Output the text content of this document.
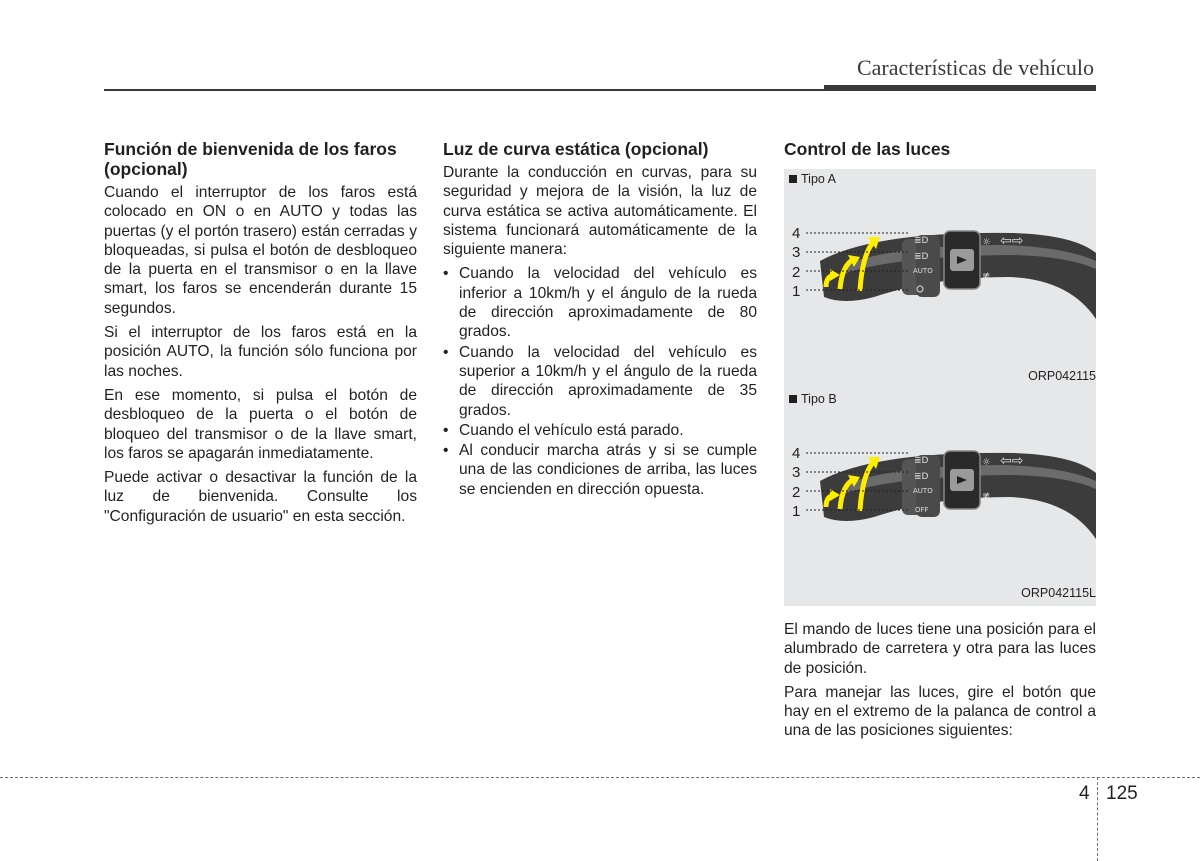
Características de vehículo
Función de bienvenida de los faros (opcional)

Cuando el interruptor de los faros está colocado en ON o en AUTO y todas las puertas (y el portón trasero) están cerradas y bloqueadas, si pulsa el botón de desbloqueo de la puerta en el transmisor o en la llave smart, los faros se encenderán durante 15 segundos.

Si el interruptor de los faros está en la posición AUTO, la función sólo funciona por las noches.

En ese momento, si pulsa el botón de desbloqueo de la puerta o el botón de bloqueo del transmisor o de la llave smart, los faros se apagarán inmediatamente.

Puede activar o desactivar la función de la luz de bienvenida. Consulte los "Configuración de usuario" en esta sección.

Luz de curva estática (opcional)

Durante la conducción en curvas, para su seguridad y mejora de la visión, la luz de curva estática se activa automáticamente. El sistema funcionará automáticamente de la siguiente manera:

• Cuando la velocidad del vehículo es inferior a 10km/h y el ángulo de la rueda de dirección aproximadamente de 80 grados.
• Cuando la velocidad del vehículo es superior a 10km/h y el ángulo de la rueda de dirección aproximadamente de 35 grados.
• Cuando el vehículo está parado.
• Al conducir marcha atrás y si se cumple una de las condiciones de arriba, las luces se encienden en dirección opuesta.
Control de las luces
☼
≢
⇦⇨
AUTO
≣D
≣D
4
3
2
1
Tipo A
ORP042115
☼
≢
⇦⇨
AUTO
OFF
≣D
≣D
4
3
2
1
Tipo B
ORP042115L

El mando de luces tiene una posición para el alumbrado de carretera y otra para las luces de posición.

Para manejar las luces, gire el botón que hay en el extremo de la palanca de control a una de las posiciones siguientes:

4 125
